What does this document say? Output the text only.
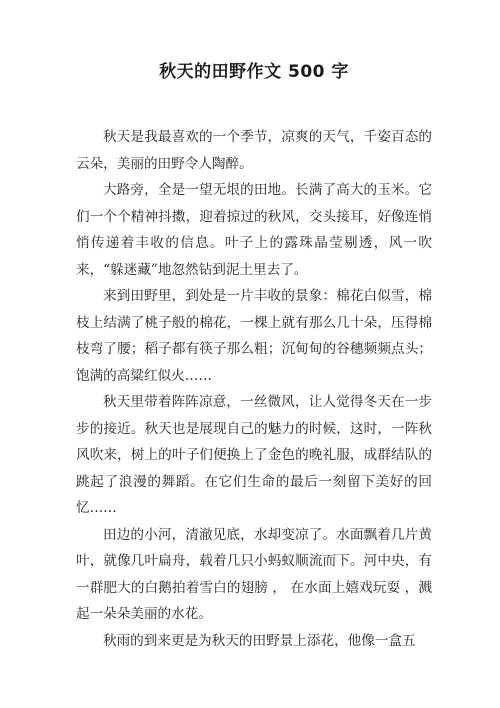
秋天的田野作文 500 字

秋天是我最喜欢的一个季节，凉爽的天气，千姿百态的云朵，美丽的田野令人陶醉。

大路旁，全是一望无垠的田地。长满了高大的玉米。它们一个个精神抖擞，迎着掠过的秋风，交头接耳，好像连悄悄传递着丰收的信息。叶子上的露珠晶莹剔透，风一吹来，“躲迷藏”地忽然钻到泥土里去了。

来到田野里，到处是一片丰收的景象：棉花白似雪，棉枝上结满了桃子般的棉花，一棵上就有那么几十朵，压得棉枝弯了腰；稻子都有筷子那么粗；沉甸甸的谷穗频频点头；饱满的高粱红似火……

秋天里带着阵阵凉意，一丝微风，让人觉得冬天在一步步的接近。秋天也是展现自己的魅力的时候，这时，一阵秋风吹来，树上的叶子们便换上了金色的晚礼服，成群结队的跳起了浪漫的舞蹈。在它们生命的最后一刻留下美好的回忆……

田边的小河，清澈见底，水却变凉了。水面飘着几片黄叶，就像几叶扁舟，载着几只小蚂蚁顺流而下。河中央，有一群肥大的白鹅拍着雪白的翅膀 ， 在水面上嬉戏玩耍 ，溅起一朵朵美丽的水花。

秋雨的到来更是为秋天的田野景上添花，他像一盒五
